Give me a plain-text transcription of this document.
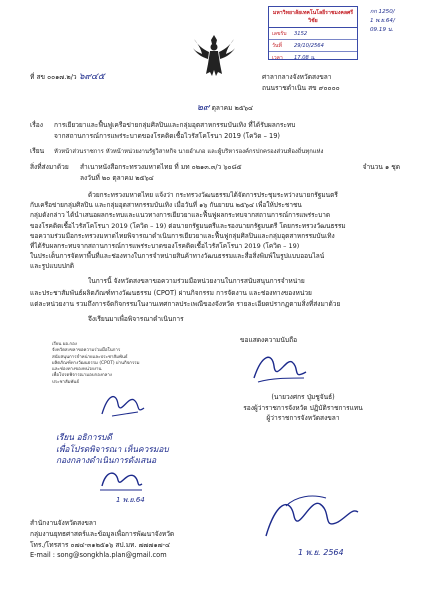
มหาวิทยาลัยเทคโนโลยีราชมงคลศรีวิชัย
เลขรับ	3152
วันที่	29/10/2564
เวลา	17.08 น.
กก 1250/
1 พ.ย.64/
09.19 น.
ที่ สข ๐๐๑๗.๒/ว ๖๙๔๕	ศาลากลางจังหวัดสงขลา
ถนนราชดำเนิน สข ๙๐๐๐๐
๒๙ ตุลาคม ๒๕๖๔
เรื่อง การเยียวยาและฟื้นฟูเครือข่ายกลุ่มศิลปินและกลุ่มอุตสาหกรรมบันเทิง ที่ได้รับผลกระทบ
จากสถานการณ์การแพร่ระบาดของโรคติดเชื้อไวรัสโคโรนา 2019 (โควิด – 19)
เรียน หัวหน้าส่วนราชการ หัวหน้าหน่วยงานรัฐวิสาหกิจ นายอำเภอ และผู้บริหารองค์กรปกครองส่วนท้องถิ่นทุกแห่ง
สิ่งที่ส่งมาด้วย สำเนาหนังสือกระทรวงมหาดไทย ที่ มท ๐๒๑๓.๓/ว ๖๐๘๕	จำนวน ๑ ชุด
ลงวันที่ ๒๐ ตุลาคม ๒๕๖๔
ด้วยกระทรวงมหาดไทย แจ้งว่า กระทรวงวัฒนธรรมได้จัดการประชุมระหว่างนายกรัฐมนตรี
กับเครือข่ายกลุ่มศิลปิน และกลุ่มอุตสาหกรรมบันเทิง เมื่อวันที่ ๑๖ กันยายน ๒๕๖๔ เพื่อให้ประชาชน
กลุ่มดังกล่าว ได้นำเสนอผลกระทบและแนวทางการเยียวยาและฟื้นฟูผลกระทบจากสถานการณ์การแพร่ระบาด
ของโรคติดเชื้อไวรัสโคโรนา 2019 (โควิด – 19) ต่อนายกรัฐมนตรีและรองนายกรัฐมนตรี โดยกระทรวงวัฒนธรรม
ขอความร่วมมือกระทรวงมหาดไทยพิจารณาดำเนินการเยียวยาและฟื้นฟูกลุ่มศิลปินและกลุ่มอุตสาหกรรมบันเทิง
ที่ได้รับผลกระทบจากสถานการณ์การแพร่ระบาดของโรคติดเชื้อไวรัสโคโรนา 2019 (โควิด – 19)
ในประเด็นการจัดหาพื้นที่และช่องทางในการจำหน่ายสินค้าทางวัฒนธรรมและสื่อสิ่งพิมพ์ในรูปแบบออนไลน์
และรูปแบบปกติ
ในการนี้ จังหวัดสงขลาขอความร่วมมือหน่วยงานในการสนับสนุนการจำหน่าย
และประชาสัมพันธ์ผลิตภัณฑ์ทางวัฒนธรรม (CPOT) ผ่านกิจกรรม การจัดงาน และช่องทางของหน่วย
แต่ละหน่วยงาน รวมถึงการจัดกิจกรรมในงานเทศกาลประเพณีของจังหวัด รายละเอียดปรากฏตามสิ่งที่ส่งมาด้วย
จึงเรียนมาเพื่อพิจารณาดำเนินการ
ขอแสดงความนับถือ
เรียน ผอ.กอง
จังหวัดสงขลาขอความร่วมมือในการ
สนับสนุนการจำหน่ายและประชาสัมพันธ์
ผลิตภัณฑ์ทางวัฒนธรรม (CPOT) ผ่านกิจกรรม
และช่องทางของหน่วยงาน
เพื่อโปรดพิจารณามอบกองกลาง
ประชาสัมพันธ์
(นายวงศกร ปุ่มชูจันธ์)
รองผู้ว่าราชการจังหวัด ปฏิบัติราชการแทน
ผู้ว่าราชการจังหวัดสงขลา
เรียน อธิการบดี
เพื่อโปรดพิจารณา เห็นควรมอบ
กองกลางดำเนินการดังเสนอ
1 พ.ย.64
สำนักงานจังหวัดสงขลา
กลุ่มงานยุทธศาสตร์และข้อมูลเพื่อการพัฒนาจังหวัด
โทร./โทรสาร ๐๗๔-๓๑๒๕๑๖ สป.มท. ๗๗๗๑๗-๔
E-mail : song@songkhla.plan@gmail.com	1 พ.ย. 2564
